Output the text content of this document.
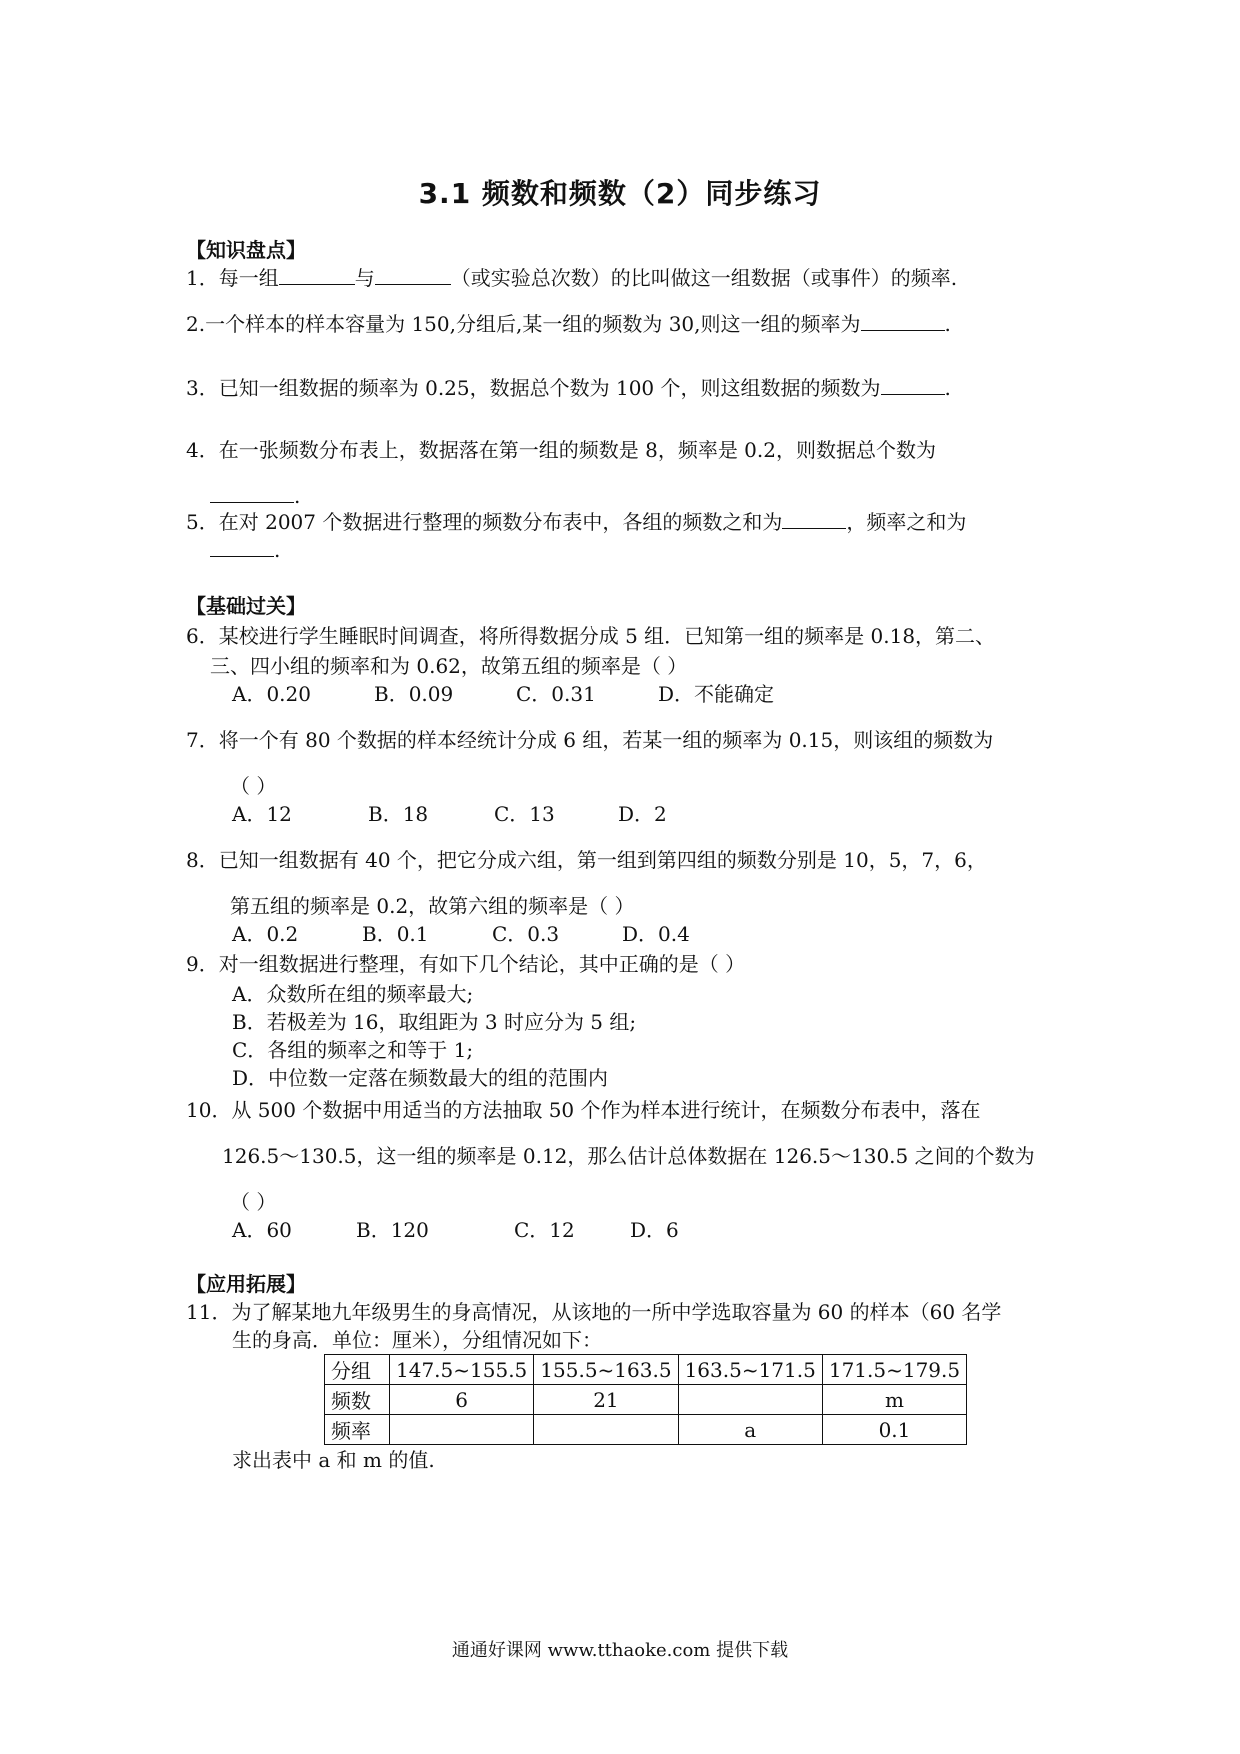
3.1 频数和频数（2）同步练习
【知识盘点】
1．每一组	与	（或实验总次数）的比叫做这一组数据（或事件）的频率.
2.一个样本的样本容量为 150,分组后,某一组的频数为 30,则这一组的频率为	.
3．已知一组数据的频率为 0.25，数据总个数为 100 个，则这组数据的频数为	.
4．在一张频数分布表上，数据落在第一组的频数是 8，频率是 0.2，则数据总个数为
.
5．在对 2007 个数据进行整理的频数分布表中，各组的频数之和为	，频率之和为
.
【基础过关】
6．某校进行学生睡眠时间调查，将所得数据分成 5 组．已知第一组的频率是 0.18，第二、
三、四小组的频率和为 0.62，故第五组的频率是（ ）
A．0.20	B．0.09	C．0.31	D．不能确定
7．将一个有 80 个数据的样本经统计分成 6 组，若某一组的频率为 0.15，则该组的频数为
（ ）
A．12	B．18	C．13	D．2
8．已知一组数据有 40 个，把它分成六组，第一组到第四组的频数分别是 10，5，7，6，
第五组的频率是 0.2，故第六组的频率是（ ）
A．0.2	B．0.1	C．0.3	D．0.4
9．对一组数据进行整理，有如下几个结论，其中正确的是（ ）
A．众数所在组的频率最大;
B．若极差为 16，取组距为 3 时应分为 5 组;
C．各组的频率之和等于 1;
D．中位数一定落在频数最大的组的范围内
10．从 500 个数据中用适当的方法抽取 50 个作为样本进行统计，在频数分布表中，落在
126.5～130.5，这一组的频率是 0.12，那么估计总体数据在 126.5～130.5 之间的个数为
（ ）
A．60	B．120	C．12	D．6
【应用拓展】
11．为了解某地九年级男生的身高情况，从该地的一所中学选取容量为 60 的样本（60 名学
生的身高．单位：厘米），分组情况如下：
分组	147.5~155.5	155.5~163.5	163.5~171.5	171.5~179.5
频数	6	21		m
频率			a	0.1
求出表中 a 和 m 的值.
通通好课网 www.tthaoke.com 提供下载
